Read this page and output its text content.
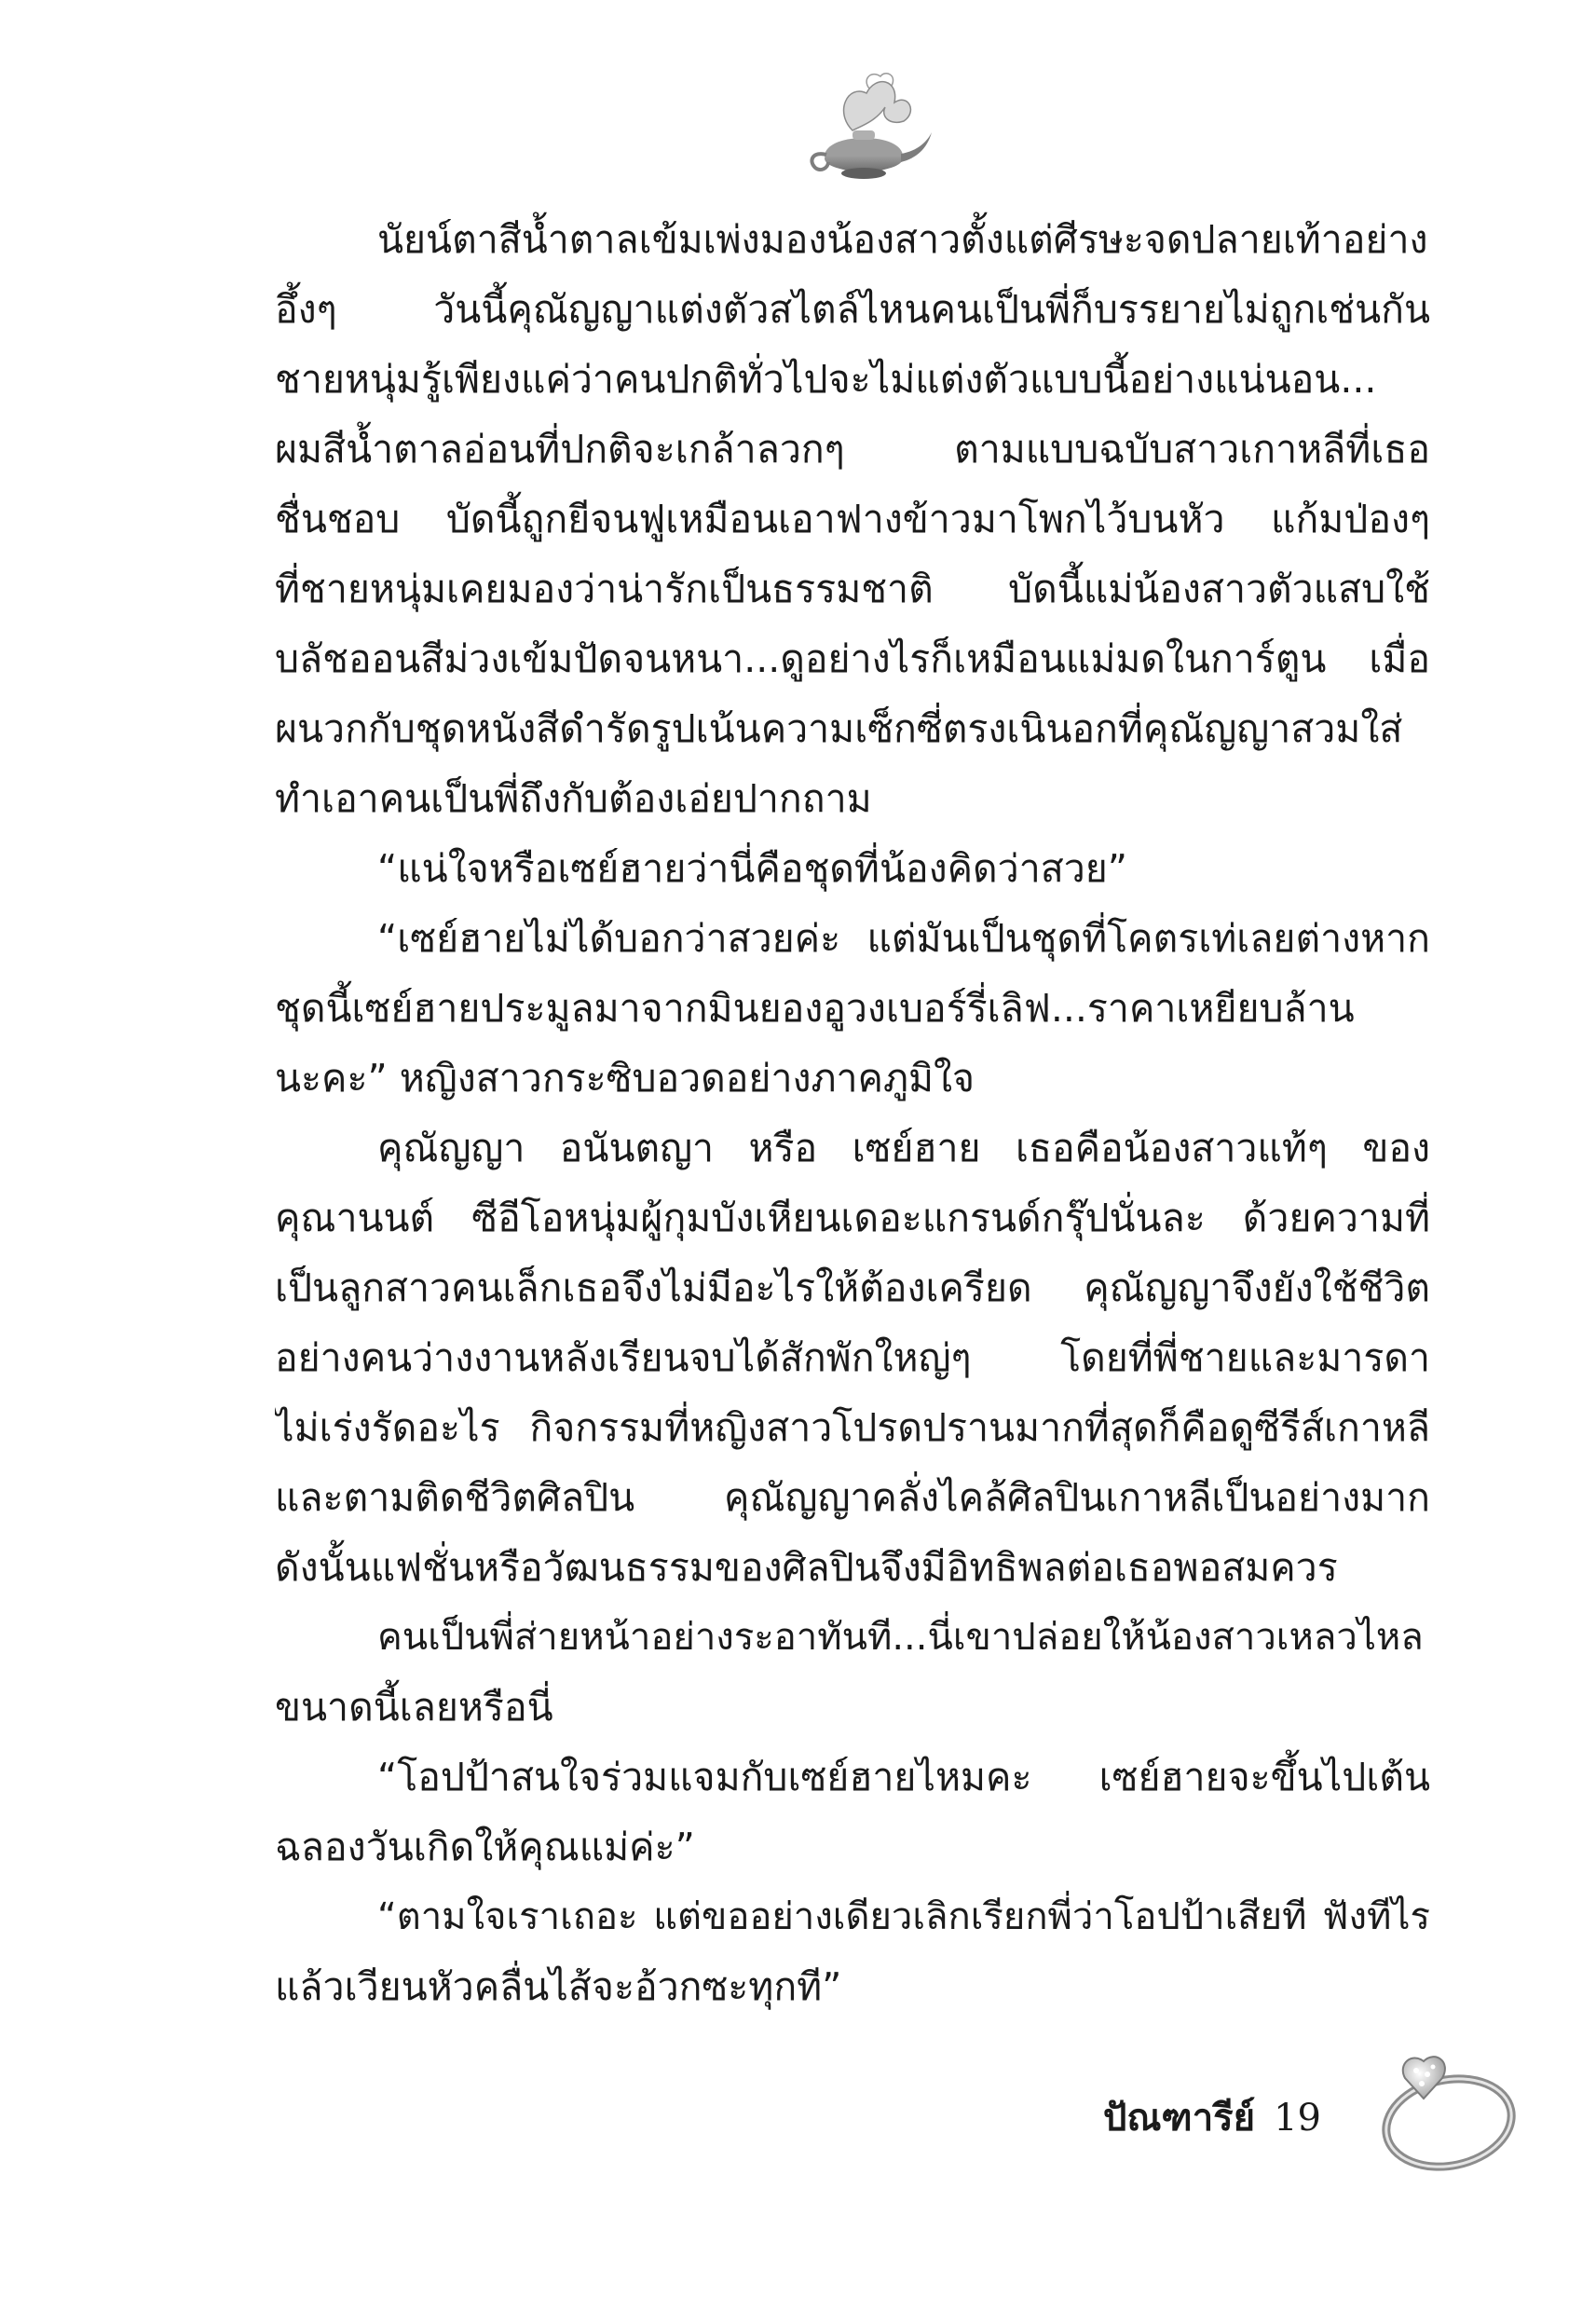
นัยน์ตาสีน้ำตาลเข้มเพ่งมองน้องสาวตั้งแต่ศีรษะจดปลายเท้าอย่าง
อึ้งๆ วันนี้คุณัญญาแต่งตัวสไตล์ไหนคนเป็นพี่ก็บรรยายไม่ถูกเช่นกัน
ชายหนุ่มรู้เพียงแค่ว่าคนปกติทั่วไปจะไม่แต่งตัวแบบนี้อย่างแน่นอน...
ผมสีน้ำตาลอ่อนที่ปกติจะเกล้าลวกๆ ตามแบบฉบับสาวเกาหลีที่เธอ
ชื่นชอบ บัดนี้ถูกยีจนฟูเหมือนเอาฟางข้าวมาโพกไว้บนหัว แก้มป่องๆ
ที่ชายหนุ่มเคยมองว่าน่ารักเป็นธรรมชาติ บัดนี้แม่น้องสาวตัวแสบใช้
บลัชออนสีม่วงเข้มปัดจนหนา...ดูอย่างไรก็เหมือนแม่มดในการ์ตูน เมื่อ
ผนวกกับชุดหนังสีดำรัดรูปเน้นความเซ็กซี่ตรงเนินอกที่คุณัญญาสวมใส่
ทำเอาคนเป็นพี่ถึงกับต้องเอ่ยปากถาม
“แน่ใจหรือเซย์ฮายว่านี่คือชุดที่น้องคิดว่าสวย”
“เซย์ฮายไม่ได้บอกว่าสวยค่ะ แต่มันเป็นชุดที่โคตรเท่เลยต่างหาก
ชุดนี้เซย์ฮายประมูลมาจากมินยองอูวงเบอร์รี่เลิฟ...ราคาเหยียบล้าน
นะคะ” หญิงสาวกระซิบอวดอย่างภาคภูมิใจ
คุณัญญา อนันตญา หรือ เซย์ฮาย เธอคือน้องสาวแท้ๆ ของ
คุณานนต์ ซีอีโอหนุ่มผู้กุมบังเหียนเดอะแกรนด์กรุ๊ปนั่นละ ด้วยความที่
เป็นลูกสาวคนเล็กเธอจึงไม่มีอะไรให้ต้องเครียด คุณัญญาจึงยังใช้ชีวิต
อย่างคนว่างงานหลังเรียนจบได้สักพักใหญ่ๆ โดยที่พี่ชายและมารดา
ไม่เร่งรัดอะไร กิจกรรมที่หญิงสาวโปรดปรานมากที่สุดก็คือดูซีรีส์เกาหลี
และตามติดชีวิตศิลปิน คุณัญญาคลั่งไคล้ศิลปินเกาหลีเป็นอย่างมาก
ดังนั้นแฟชั่นหรือวัฒนธรรมของศิลปินจึงมีอิทธิพลต่อเธอพอสมควร
คนเป็นพี่ส่ายหน้าอย่างระอาทันที...นี่เขาปล่อยให้น้องสาวเหลวไหล
ขนาดนี้เลยหรือนี่
“โอปป้าสนใจร่วมแจมกับเซย์ฮายไหมคะ เซย์ฮายจะขึ้นไปเต้น
ฉลองวันเกิดให้คุณแม่ค่ะ”
“ตามใจเราเถอะ แต่ขออย่างเดียวเลิกเรียกพี่ว่าโอปป้าเสียที ฟังทีไร
แล้วเวียนหัวคลื่นไส้จะอ้วกซะทุกที”
ปัณฑารีย์ 19
